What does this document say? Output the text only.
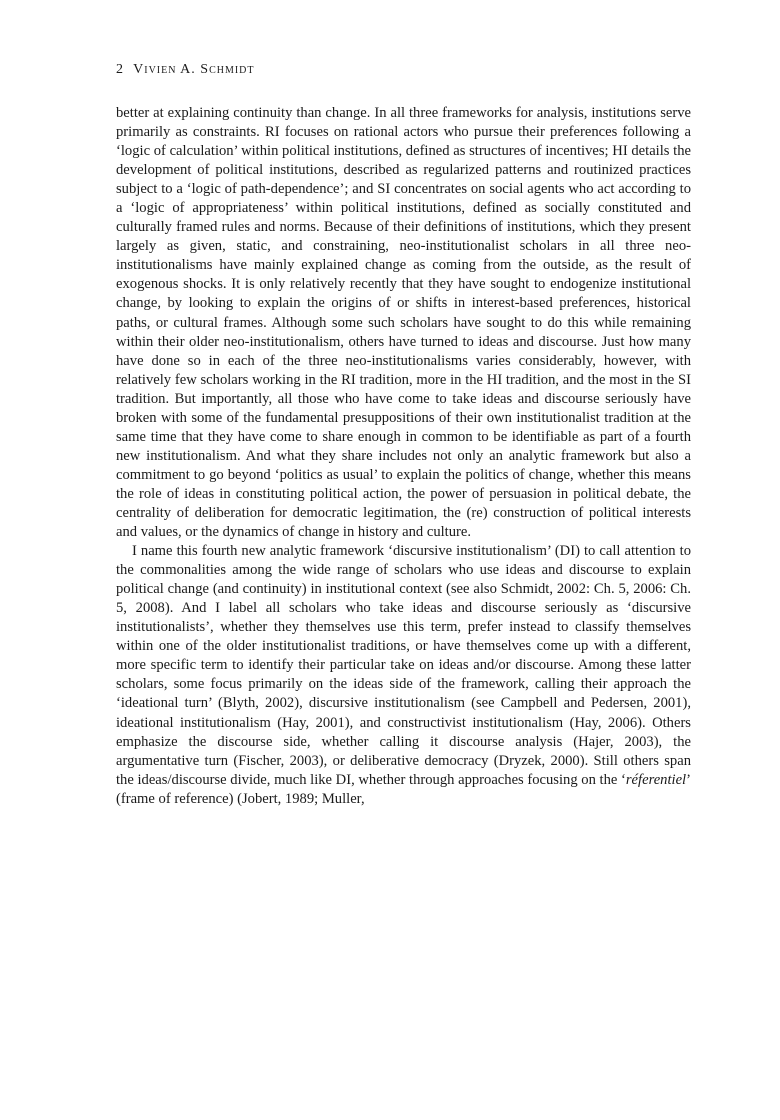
2 Vivien A. Schmidt

better at explaining continuity than change. In all three frameworks for analysis, institutions serve primarily as constraints. RI focuses on rational actors who pursue their preferences following a ‘logic of calculation’ within political institutions, defined as structures of incentives; HI details the development of political institutions, described as regularized patterns and routinized practices subject to a ‘logic of path-dependence’; and SI concentrates on social agents who act according to a ‘logic of appropriateness’ within political institutions, defined as socially constituted and culturally framed rules and norms. Because of their definitions of institutions, which they present largely as given, static, and constraining, neo-institutionalist scholars in all three neo-institutionalisms have mainly explained change as coming from the outside, as the result of exogenous shocks. It is only relatively recently that they have sought to endogenize institutional change, by looking to explain the origins of or shifts in interest-based preferences, historical paths, or cultural frames. Although some such scholars have sought to do this while remaining within their older neo-institutionalism, others have turned to ideas and discourse. Just how many have done so in each of the three neo-institutionalisms varies considerably, however, with relatively few scholars working in the RI tradition, more in the HI tradition, and the most in the SI tradition. But importantly, all those who have come to take ideas and discourse seriously have broken with some of the fundamental presuppositions of their own institutionalist tradition at the same time that they have come to share enough in common to be identifiable as part of a fourth new institutionalism. And what they share includes not only an analytic framework but also a commitment to go beyond ‘politics as usual’ to explain the politics of change, whether this means the role of ideas in constituting political action, the power of persuasion in political debate, the centrality of deliberation for democratic legitimation, the (re) construction of political interests and values, or the dynamics of change in history and culture.

I name this fourth new analytic framework ‘discursive institutionalism’ (DI) to call attention to the commonalities among the wide range of scholars who use ideas and discourse to explain political change (and continuity) in institutional context (see also Schmidt, 2002: Ch. 5, 2006: Ch. 5, 2008). And I label all scholars who take ideas and discourse seriously as ‘discursive institutionalists’, whether they themselves use this term, prefer instead to classify themselves within one of the older institutionalist traditions, or have themselves come up with a different, more specific term to identify their particular take on ideas and/or discourse. Among these latter scholars, some focus primarily on the ideas side of the framework, calling their approach the ‘ideational turn’ (Blyth, 2002), discursive institutionalism (see Campbell and Pedersen, 2001), ideational institutionalism (Hay, 2001), and constructivist institutionalism (Hay, 2006). Others emphasize the discourse side, whether calling it discourse analysis (Hajer, 2003), the argumentative turn (Fischer, 2003), or deliberative democracy (Dryzek, 2000). Still others span the ideas/discourse divide, much like DI, whether through approaches focusing on the ‘réferentiel’ (frame of reference) (Jobert, 1989; Muller,
